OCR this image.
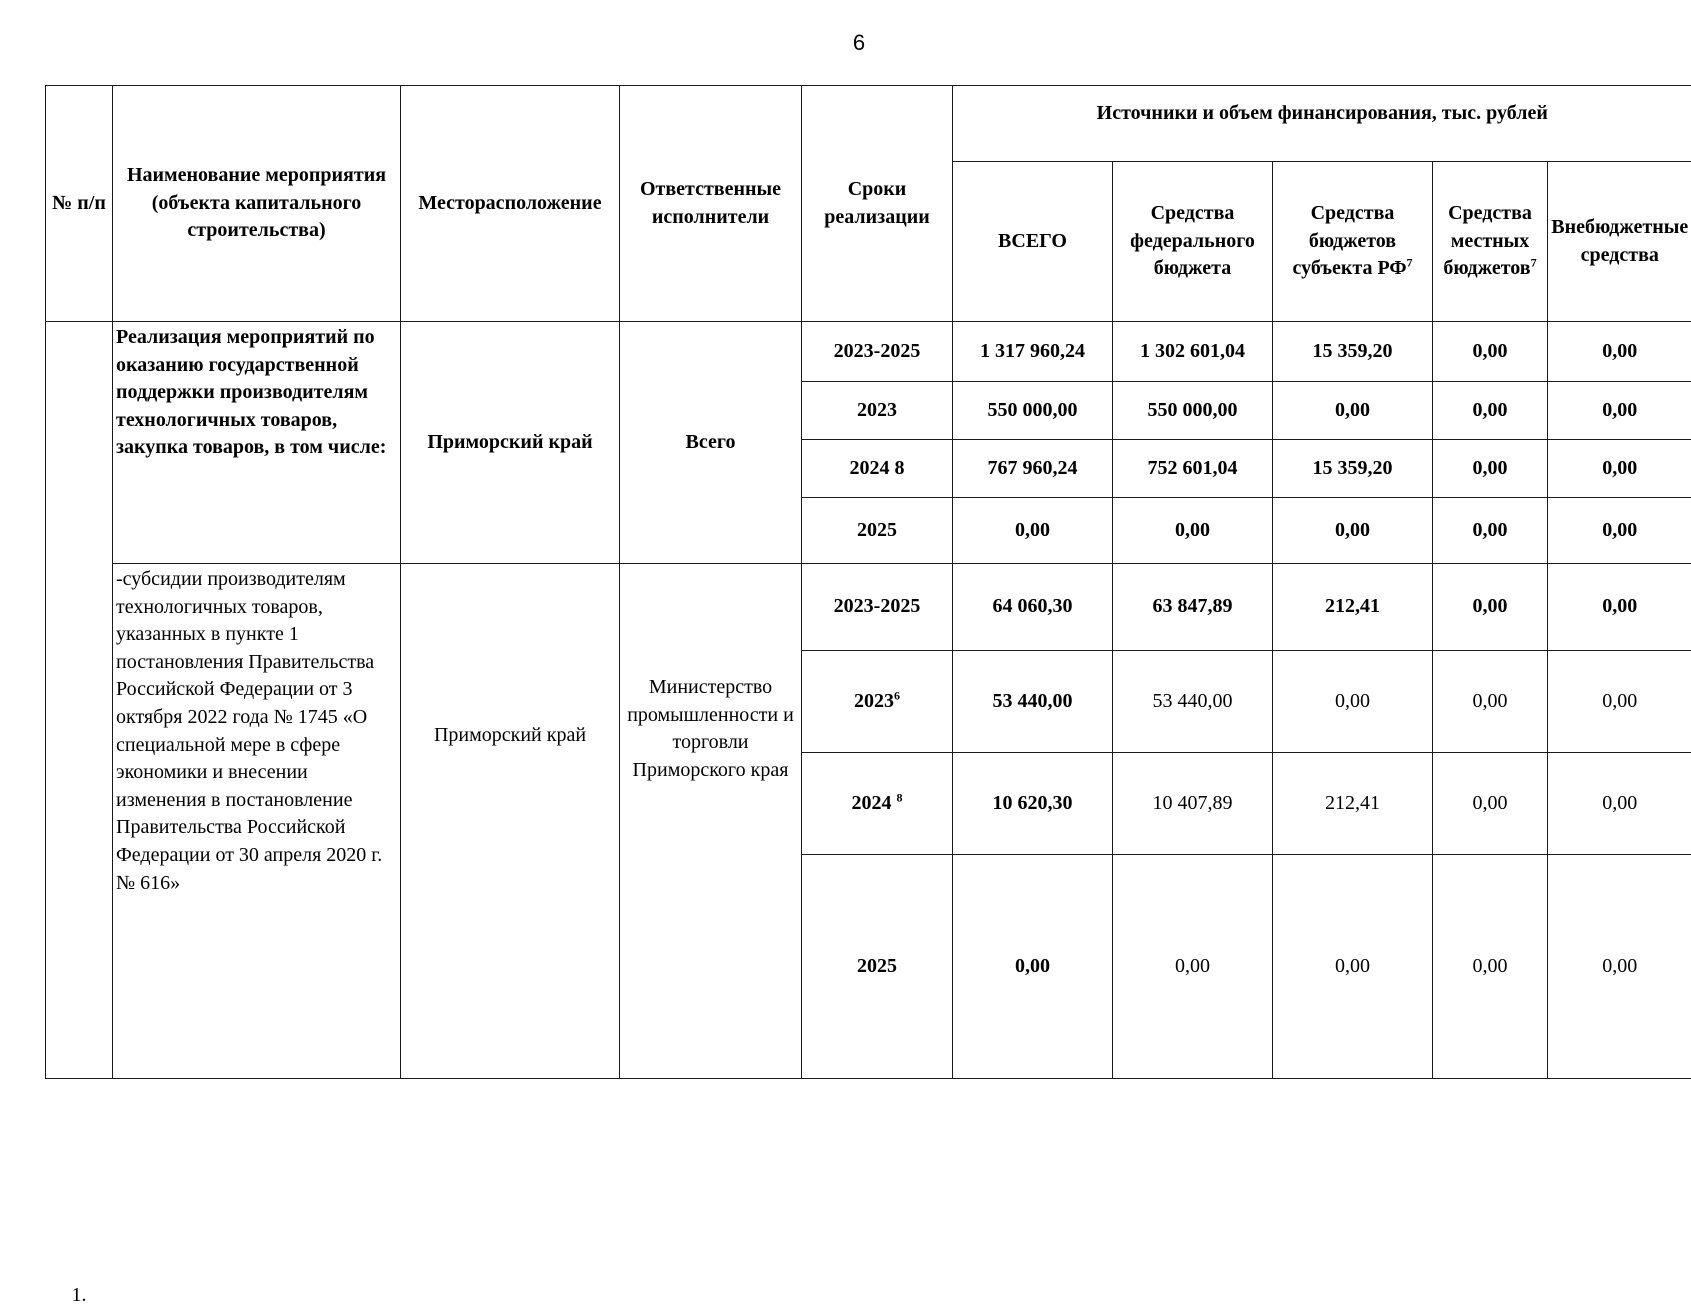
6
№ п/п	Наименование мероприятия (объекта капитального строительства)	Месторасположение	Ответственные исполнители	Сроки реализации	Источники и объем финансирования, тыс. рублей				
					ВСЕГО	Средства федерального бюджета	Средства бюджетов субъекта $РФ^7$	Средства местных бюджетов$^7$	Внебюджетные средства

1.	Реализация мероприятий по оказанию государственной поддержки производителям технологичных товаров, закупка товаров, в том числе:	Приморский край	Всего	2023-2025	1 317 960,24	1 302 601,04	15 359,20	0,00	0,00
				2023	550 000,00	550 000,00	0,00	0,00	0,00
				2024 8	767 960,24	752 601,04	15 359,20	0,00	0,00
				2025	0,00	0,00	0,00	0,00	0,00
	-субсидии производителям технологичных товаров, указанных в пункте 1 постановления Правительства Российской Федерации от 3 октября 2022 года № 1745 «О специальной мере в сфере экономики и внесении изменения в постановление Правительства Российской Федерации от 30 апреля 2020 г. № 616»	Приморский край	Министерство промышленности и торговли Приморского края	2023-2025	64 060,30	63 847,89	212,41	0,00	0,00
				2023$^6$	53 440,00	53 440,00	0,00	0,00	0,00
				2024 $^8$	10 620,30	10 407,89	212,41	0,00	0,00
				2025	0,00	0,00	0,00	0,00	0,00
